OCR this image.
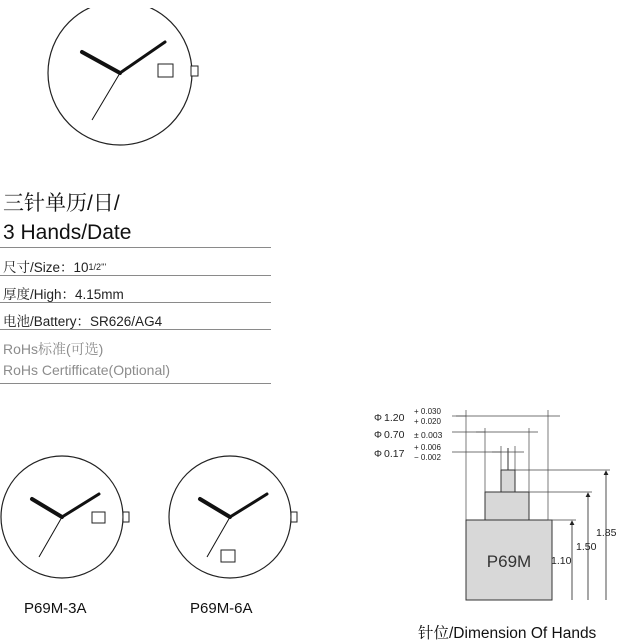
三针单历/日/
3 Hands/Date
尺寸/Size：$10^{1/2'''}$
厚度/High：4.15mm
电池/Battery：SR626/AG4
RoHs标准(可选)
RoHs Certifficate(Optional)
P69M-3A	P69M-6A
P69M
Φ 1.20
+ 0.030
+ 0.020
Φ 0.70 ± 0.003
Φ 0.17
+ 0.006
− 0.002
1.10
1.50
1.85
针位/Dimension Of Hands
